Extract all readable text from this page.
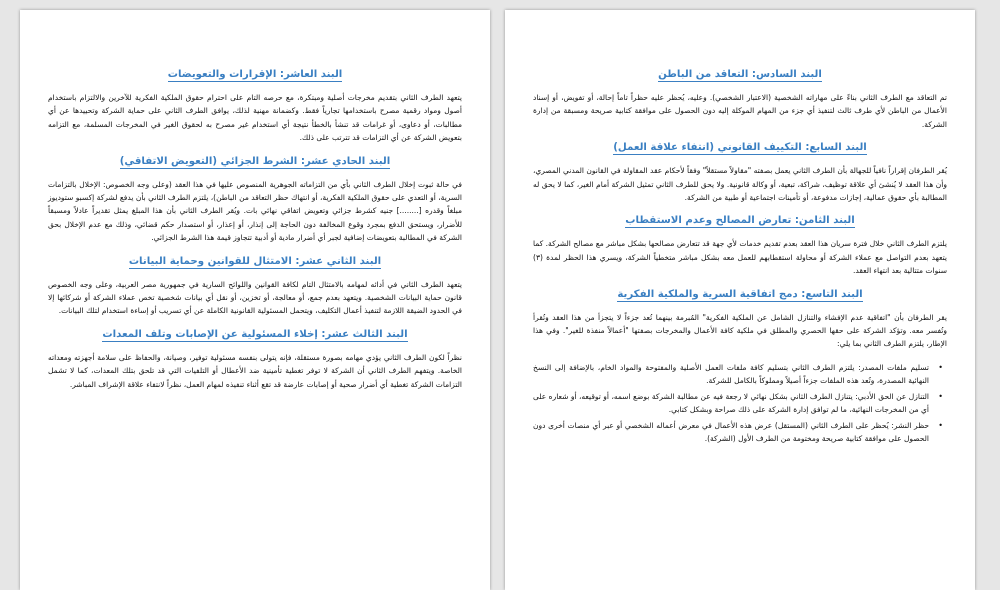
البند العاشر: الإقرارات والتعويضات

يتعهد الطرف الثاني بتقديم مخرجات أصلية ومبتكرة، مع حرصه التام على احترام حقوق الملكية الفكرية للآخرين والالتزام باستخدام أصول ومواد رقمية مصرح باستخدامها تجارياً فقط. وكضمانة مهنية لذلك، يوافق الطرف الثاني على حماية الشركة وتحييدها عن أي مطالبات، أو دعاوى، أو غرامات قد تنشأ بالخطأ نتيجة أي استخدام غير مصرح به لحقوق الغير في المخرجات المسلمة، مع التزامه بتعويض الشركة عن أي التزامات قد تترتب على ذلك.

البند الحادي عشر: الشرط الجزائي (التعويض الاتفاقي)

في حالة ثبوت إخلال الطرف الثاني بأي من التزاماته الجوهرية المنصوص عليها في هذا العقد (وعلى وجه الخصوص: الإخلال بالتزامات السرية، أو التعدي على حقوق الملكية الفكرية، أو انتهاك حظر التعاقد من الباطن)، يلتزم الطرف الثاني بأن يدفع لشركة إكسبو ستوديوز مبلغاً وقدره [........] جنيه كشرط جزائي وتعويض اتفاقي نهائي بات. ويُقر الطرف الثاني بأن هذا المبلغ يمثل تقديراً عادلاً ومسبقاً للأضرار، ويستحق الدفع بمجرد وقوع المخالفة دون الحاجة إلى إنذار، أو إعذار، أو استصدار حكم قضائي، وذلك مع عدم الإخلال بحق الشركة في المطالبة بتعويضات إضافية لجبر أي أضرار مادية أو أدبية تتجاوز قيمة هذا الشرط الجزائي.

البند الثاني عشر: الامتثال للقوانين وحماية البيانات

يتعهد الطرف الثاني في أدائه لمهامه بالامتثال التام لكافة القوانين واللوائح السارية في جمهورية مصر العربية، وعلى وجه الخصوص قانون حماية البيانات الشخصية. ويتعهد بعدم جمع، أو معالجة، أو تخزين، أو نقل أي بيانات شخصية تخص عملاء الشركة أو شركائها إلا في الحدود الضيقة اللازمة لتنفيذ أعمال التكليف، ويتحمل المسئولية القانونية الكاملة عن أي تسريب أو إساءة استخدام لتلك البيانات.

البند الثالث عشر: إخلاء المسئولية عن الإصابات وتلف المعدات

نظراً لكون الطرف الثاني يؤدي مهامه بصورة مستقلة، فإنه يتولى بنفسه مسئولية توفير، وصيانة، والحفاظ على سلامة أجهزته ومعداته الخاصة. ويتفهم الطرف الثاني أن الشركة لا توفر تغطية تأمينية ضد الأعطال أو التلفيات التي قد تلحق بتلك المعدات، كما لا تشمل التزامات الشركة تغطية أي أضرار صحية أو إصابات عارضة قد تقع أثناء تنفيذه لمهام العمل، نظراً لانتفاء علاقة الإشراف المباشر.

البند السادس: التعاقد من الباطن

تم التعاقد مع الطرف الثاني بناءً على مهاراته الشخصية (الاعتبار الشخصي). وعليه، يُحظر عليه حظراً تاماً إحالة، أو تفويض، أو إسناد الأعمال من الباطن لأي طرف ثالث لتنفيذ أي جزء من المهام الموكلة إليه دون الحصول على موافقة كتابية صريحة ومسبقة من إدارة الشركة.

البند السابع: التكييف القانوني (انتفاء علاقة العمل)

يُقر الطرفان إقراراً نافياً للجهالة بأن الطرف الثاني يعمل بصفته "مقاولاً مستقلاً" وفقاً لأحكام عقد المقاولة في القانون المدني المصري، وأن هذا العقد لا يُنشئ أي علاقة توظيف، شراكة، تبعية، أو وكالة قانونية. ولا يحق للطرف الثاني تمثيل الشركة أمام الغير، كما لا يحق له المطالبة بأي حقوق عمالية، إجازات مدفوعة، أو تأمينات اجتماعية أو طبية من الشركة.

البند الثامن: تعارض المصالح وعدم الاستقطاب

يلتزم الطرف الثاني خلال فترة سريان هذا العقد بعدم تقديم خدمات لأي جهة قد تتعارض مصالحها بشكل مباشر مع مصالح الشركة. كما يتعهد بعدم التواصل مع عملاء الشركة أو محاولة استقطابهم للعمل معه بشكل مباشر متخطياً الشركة، ويسري هذا الحظر لمدة (٣) سنوات متتالية بعد انتهاء العقد.

البند التاسع: دمج اتفاقية السرية والملكية الفكرية

يقر الطرفان بأن "اتفاقية عدم الإفشاء والتنازل الشامل عن الملكية الفكرية" المُبرمة بينهما تُعد جزءاً لا يتجزأ من هذا العقد وتُقرأ وتُفسر معه. وتؤكد الشركة على حقها الحصري والمطلق في ملكية كافة الأعمال والمخرجات بصفتها "أعمالاً منفذة للغير". وفي هذا الإطار، يلتزم الطرف الثاني بما يلي:

•
تسليم ملفات المصدر: يلتزم الطرف الثاني بتسليم كافة ملفات العمل الأصلية والمفتوحة والمواد الخام، بالإضافة إلى النسخ النهائية المصدرة، وتُعد هذه الملفات جزءاً أصيلاً ومملوكاً بالكامل للشركة.
•
التنازل عن الحق الأدبي: يتنازل الطرف الثاني بشكل نهائي لا رجعة فيه عن مطالبة الشركة بوضع اسمه، أو توقيعه، أو شعاره على أي من المخرجات النهائية، ما لم توافق إدارة الشركة على ذلك صراحة وبشكل كتابي.
•
حظر النشر: يُحظر على الطرف الثاني (المستقل) عرض هذه الأعمال في معرض أعماله الشخصي أو عبر أي منصات أخرى دون الحصول على موافقة كتابية صريحة ومختومة من الطرف الأول (الشركة).
